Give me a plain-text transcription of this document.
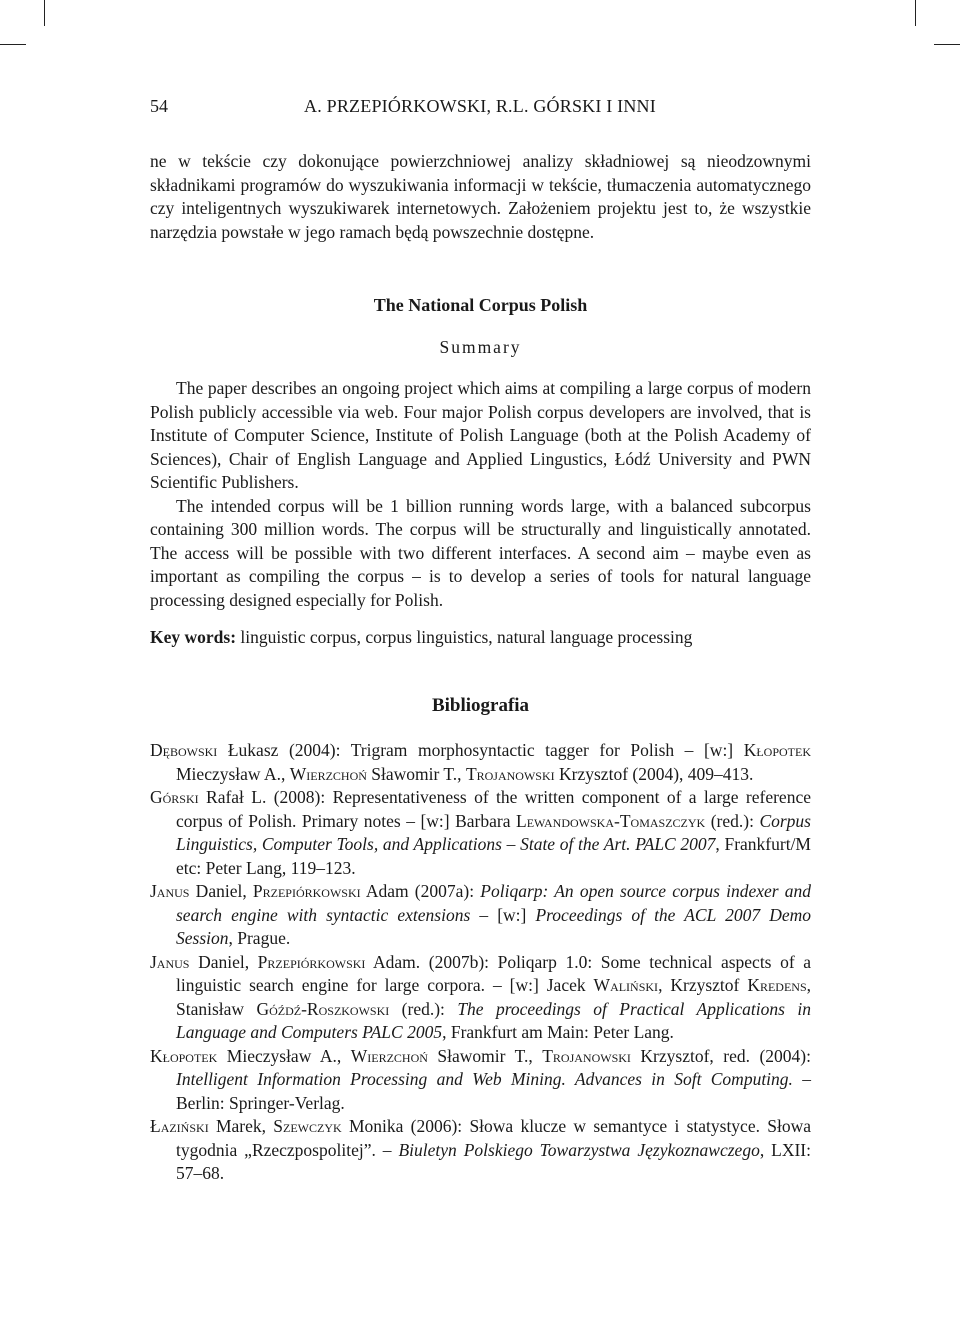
54	A. PRZEPIÓRKOWSKI, R.L. GÓRSKI I INNI

ne w tekście czy dokonujące powierzchniowej analizy składniowej są nieodzownymi składnikami programów do wyszukiwania informacji w tekście, tłumaczenia automatycznego czy inteligentnych wyszukiwarek internetowych. Założeniem projektu jest to, że wszystkie narzędzia powstałe w jego ramach będą powszechnie dostępne.

The National Corpus Polish
Summary

The paper describes an ongoing project which aims at compiling a large corpus of modern Polish publicly accessible via web. Four major Polish corpus developers are involved, that is Institute of Computer Science, Institute of Polish Language (both at the Polish Academy of Sciences), Chair of English Language and Applied Lingustics, Łódź University and PWN Scientific Publishers.

The intended corpus will be 1 billion running words large, with a balanced subcorpus containing 300 million words. The corpus will be structurally and linguistically annotated. The access will be possible with two different interfaces. A second aim – maybe even as important as compiling the corpus – is to develop a series of tools for natural language processing designed especially for Polish.

Key words: linguistic corpus, corpus linguistics, natural language processing

Bibliografia
Dębowski Łukasz (2004): Trigram morphosyntactic tagger for Polish – [w:] Kłopotek Mieczysław A., Wierzchoń Sławomir T., Trojanowski Krzysztof (2004), 409–413.
Górski Rafał L. (2008): Representativeness of the written component of a large reference corpus of Polish. Primary notes – [w:] Barbara Lewandowska-Tomaszczyk (red.): Corpus Linguistics, Computer Tools, and Applications – State of the Art. PALC 2007, Frankfurt/M etc: Peter Lang, 119–123.
Janus Daniel, Przepiórkowski Adam (2007a): Poliqarp: An open source corpus indexer and search engine with syntactic extensions – [w:] Proceedings of the ACL 2007 Demo Session, Prague.
Janus Daniel, Przepiórkowski Adam. (2007b): Poliqarp 1.0: Some technical aspects of a linguistic search engine for large corpora. – [w:] Jacek Waliński, Krzysztof Kredens, Stanisław Góźdź-Roszkowski (red.): The proceedings of Practical Applications in Language and Computers PALC 2005, Frankfurt am Main: Peter Lang.
Kłopotek Mieczysław A., Wierzchoń Sławomir T., Trojanowski Krzysztof, red. (2004): Intelligent Information Processing and Web Mining. Advances in Soft Computing. – Berlin: Springer-Verlag.
Łaziński Marek, Szewczyk Monika (2006): Słowa klucze w semantyce i statystyce. Słowa tygodnia „Rzeczpospolitej”. – Biuletyn Polskiego Towarzystwa Językoznawczego, LXII: 57–68.
